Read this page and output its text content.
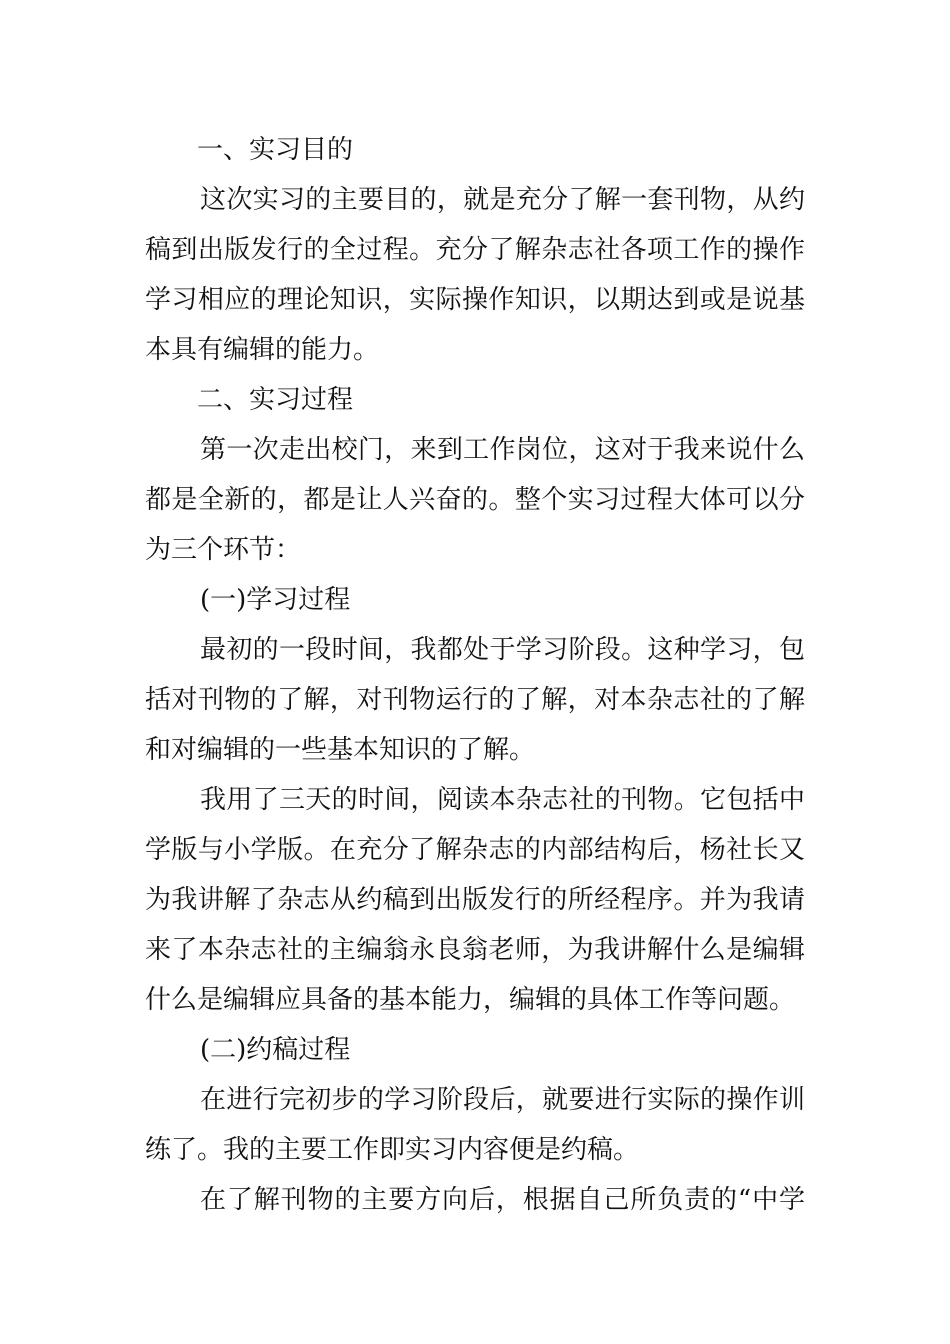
一、实习目的
这次实习的主要目的，就是充分了解一套刊物，从约
稿到出版发行的全过程。充分了解杂志社各项工作的操作
学习相应的理论知识，实际操作知识，以期达到或是说基
本具有编辑的能力。
二、实习过程
第一次走出校门，来到工作岗位，这对于我来说什么
都是全新的，都是让人兴奋的。整个实习过程大体可以分
为三个环节：
(一)学习过程
最初的一段时间，我都处于学习阶段。这种学习，包
括对刊物的了解，对刊物运行的了解，对本杂志社的了解
和对编辑的一些基本知识的了解。
我用了三天的时间，阅读本杂志社的刊物。它包括中
学版与小学版。在充分了解杂志的内部结构后，杨社长又
为我讲解了杂志从约稿到出版发行的所经程序。并为我请
来了本杂志社的主编翁永良翁老师，为我讲解什么是编辑
什么是编辑应具备的基本能力，编辑的具体工作等问题。
(二)约稿过程
在进行完初步的学习阶段后，就要进行实际的操作训
练了。我的主要工作即实习内容便是约稿。
在了解刊物的主要方向后，根据自己所负责的“中学
